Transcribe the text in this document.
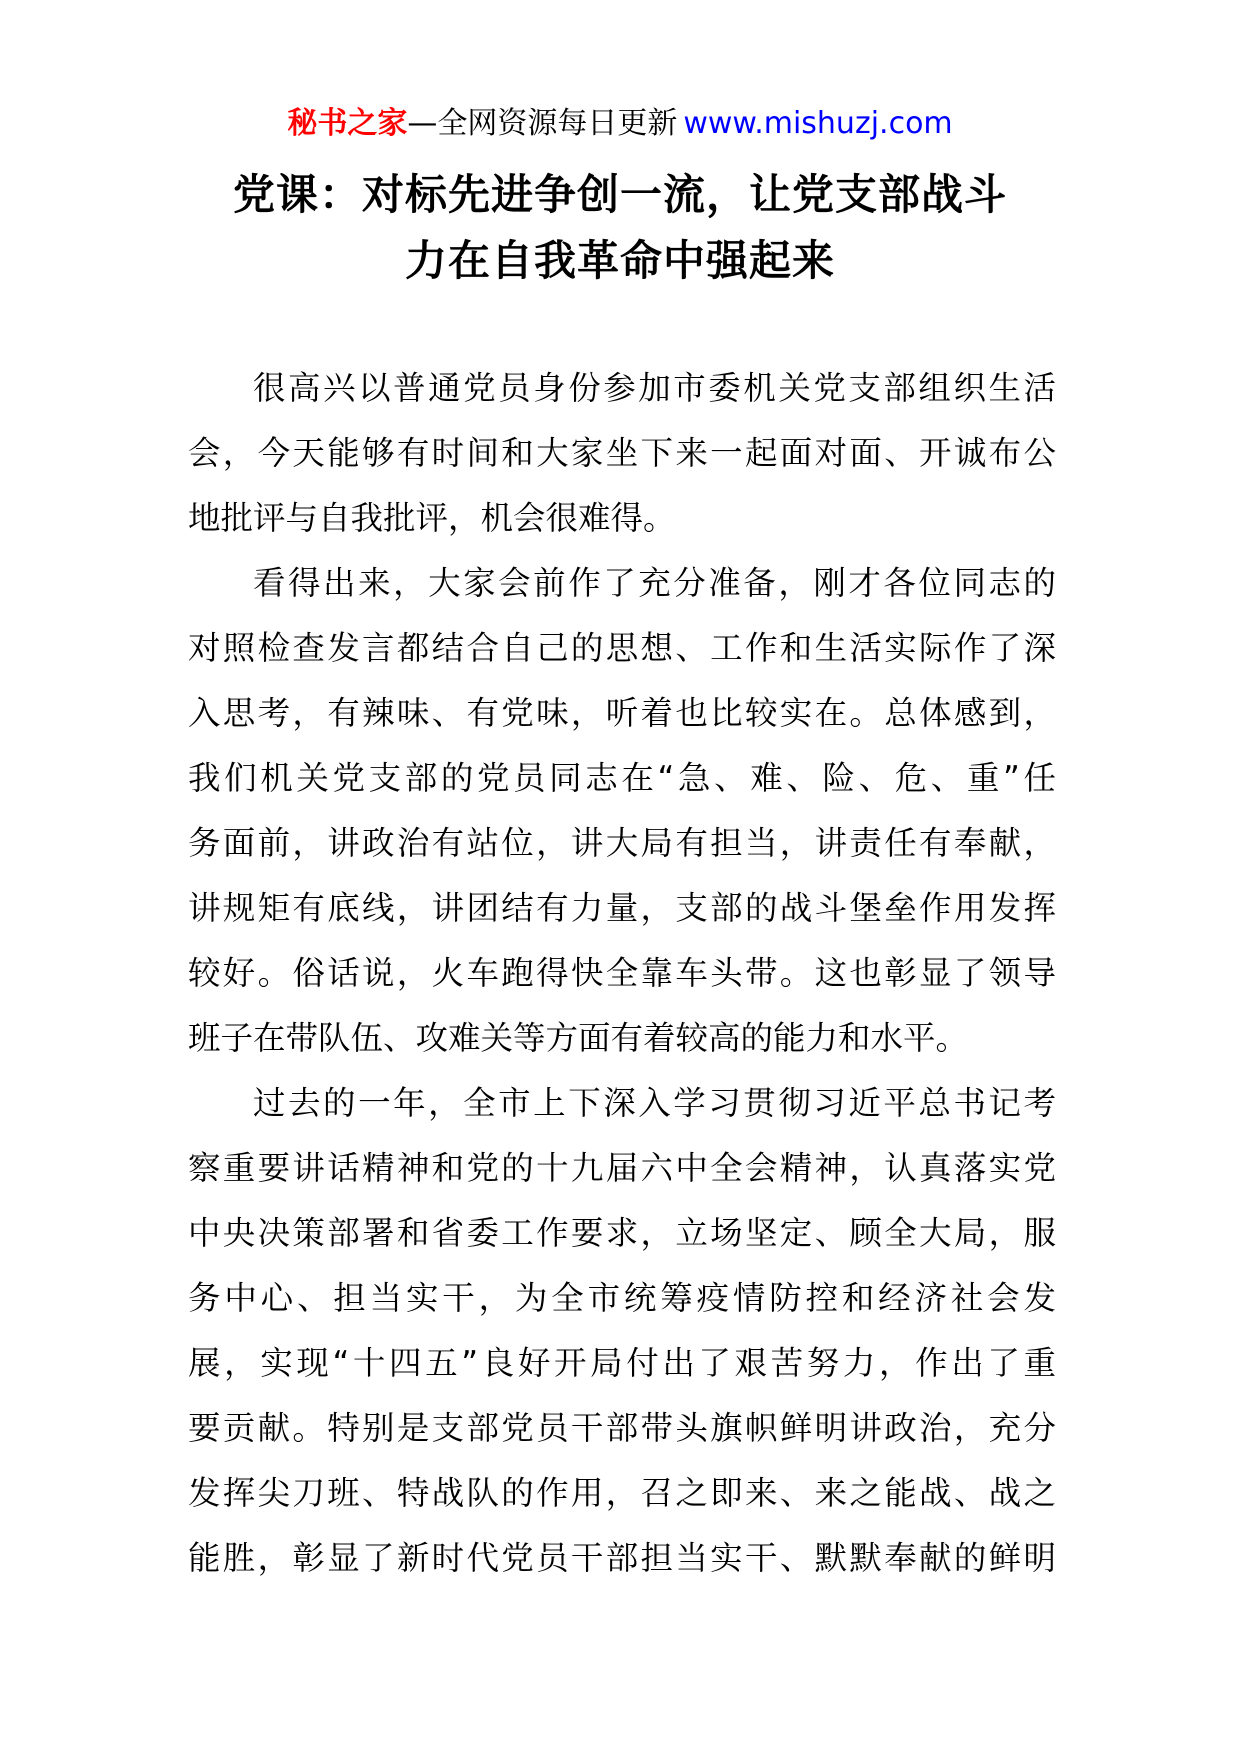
秘书之家—全网资源每日更新 www.mishuzj.com
党课：对标先进争创一流，让党支部战斗
力在自我革命中强起来
很高兴以普通党员身份参加市委机关党支部组织生活
会，今天能够有时间和大家坐下来一起面对面、开诚布公
地批评与自我批评，机会很难得。
看得出来，大家会前作了充分准备，刚才各位同志的
对照检查发言都结合自己的思想、工作和生活实际作了深
入思考，有辣味、有党味，听着也比较实在。总体感到，
我们机关党支部的党员同志在“急、难、险、危、重”任
务面前，讲政治有站位，讲大局有担当，讲责任有奉献，
讲规矩有底线，讲团结有力量，支部的战斗堡垒作用发挥
较好。俗话说，火车跑得快全靠车头带。这也彰显了领导
班子在带队伍、攻难关等方面有着较高的能力和水平。
过去的一年，全市上下深入学习贯彻习近平总书记考
察重要讲话精神和党的十九届六中全会精神，认真落实党
中央决策部署和省委工作要求，立场坚定、顾全大局，服
务中心、担当实干，为全市统筹疫情防控和经济社会发
展，实现“十四五”良好开局付出了艰苦努力，作出了重
要贡献。特别是支部党员干部带头旗帜鲜明讲政治，充分
发挥尖刀班、特战队的作用，召之即来、来之能战、战之
能胜，彰显了新时代党员干部担当实干、默默奉献的鲜明
